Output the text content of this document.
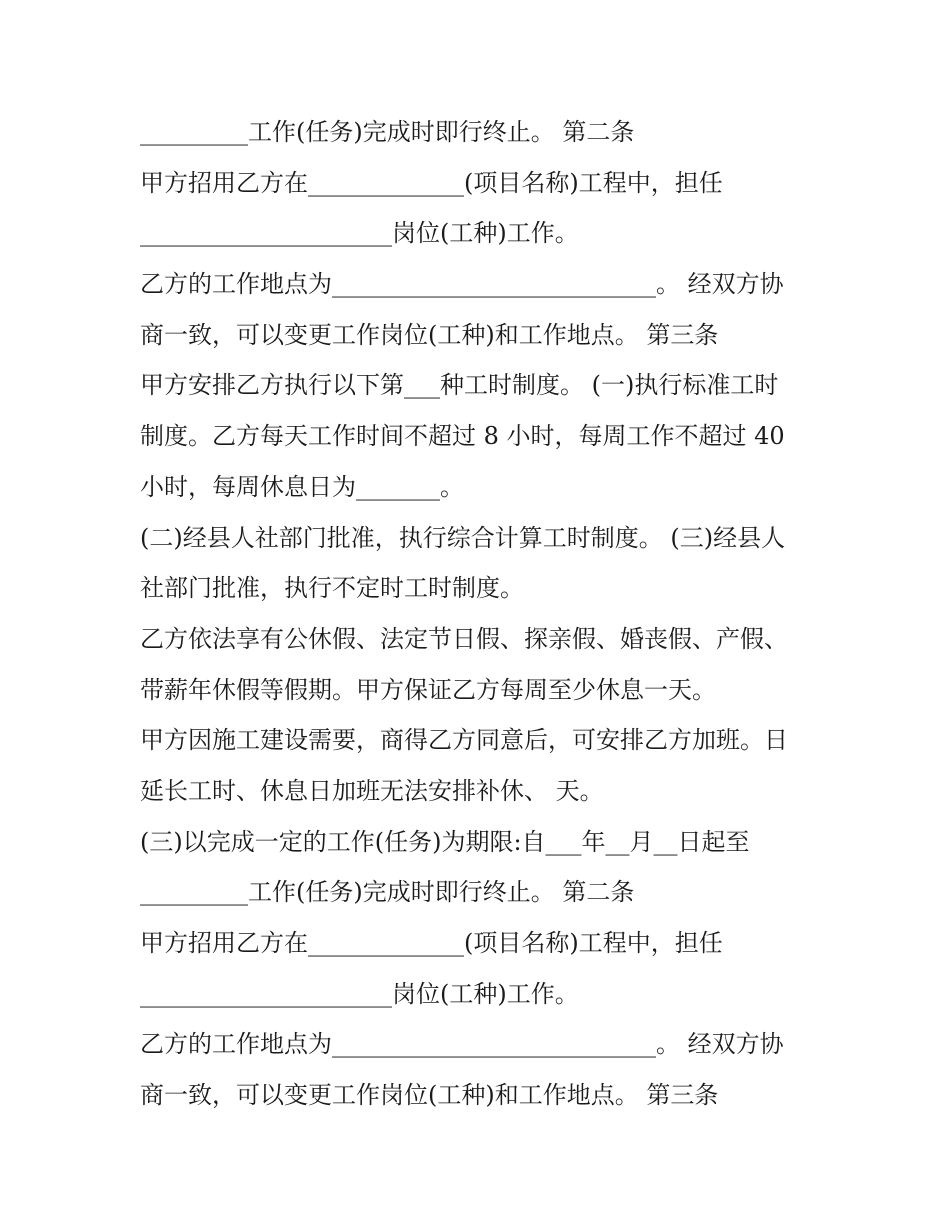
_________工作(任务)完成时即行终止。 第二条
甲方招用乙方在_____________(项目名称)工程中，担任
_____________________岗位(工种)工作。
乙方的工作地点为___________________________。 经双方协
商一致，可以变更工作岗位(工种)和工作地点。 第三条
甲方安排乙方执行以下第___种工时制度。 (一)执行标准工时
制度。乙方每天工作时间不超过 8 小时，每周工作不超过 40
小时，每周休息日为_______。
(二)经县人社部门批准，执行综合计算工时制度。 (三)经县人
社部门批准，执行不定时工时制度。
乙方依法享有公休假、法定节日假、探亲假、婚丧假、产假、
带薪年休假等假期。甲方保证乙方每周至少休息一天。
甲方因施工建设需要，商得乙方同意后，可安排乙方加班。日
延长工时、休息日加班无法安排补休、 天。
(三)以完成一定的工作(任务)为期限:自___年__月__日起至
_________工作(任务)完成时即行终止。 第二条
甲方招用乙方在_____________(项目名称)工程中，担任
_____________________岗位(工种)工作。
乙方的工作地点为___________________________。 经双方协
商一致，可以变更工作岗位(工种)和工作地点。 第三条
